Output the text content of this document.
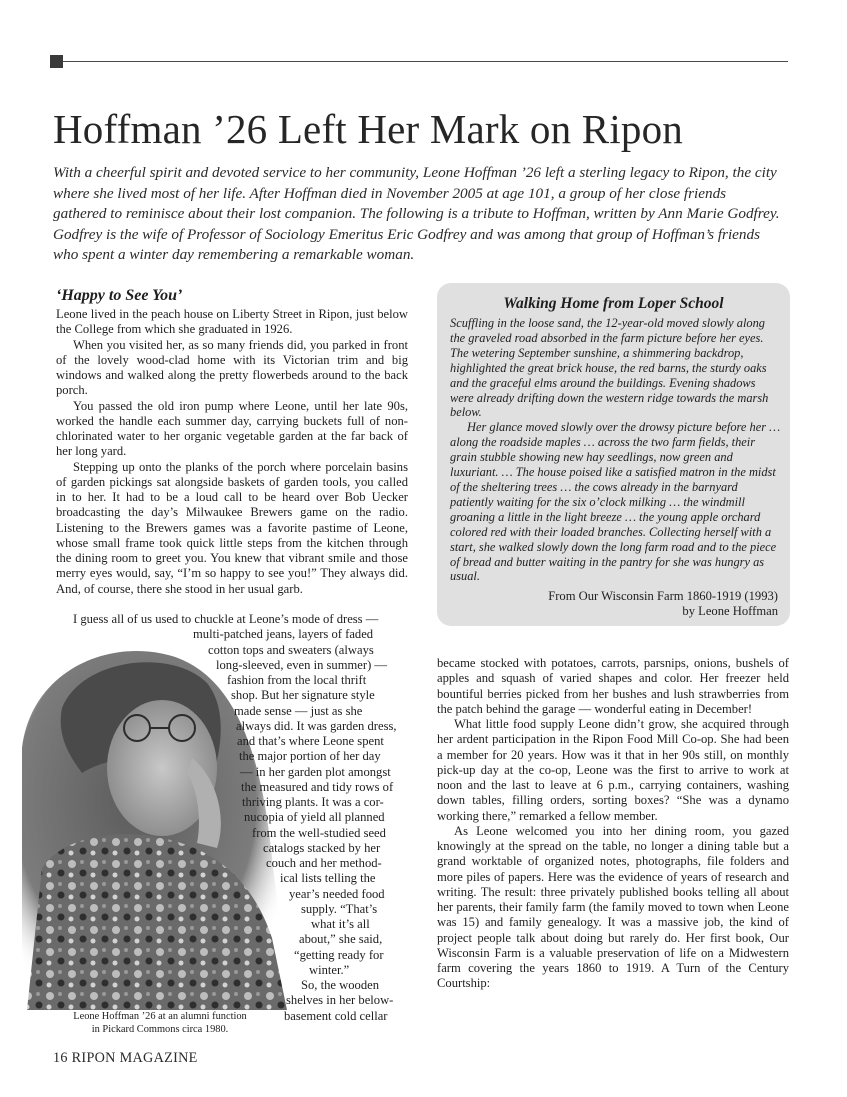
Hoffman ’26 Left Her Mark on Ripon

With a cheerful spirit and devoted service to her community, Leone Hoffman ’26 left a sterling legacy to Ripon, the city where she lived most of her life. After Hoffman died in November 2005 at age 101, a group of her close friends gathered to reminisce about their lost companion. The following is a tribute to Hoffman, written by Ann Marie Godfrey. Godfrey is the wife of Professor of Sociology Emeritus Eric Godfrey and was among that group of Hoffman’s friends who spent a winter day remembering a remarkable woman.

‘Happy to See You’

Leone lived in the peach house on Liberty Street in Ripon, just below the College from which she graduated in 1926.

When you visited her, as so many friends did, you parked in front of the lovely wood-clad home with its Victorian trim and big windows and walked along the pretty flowerbeds around to the back porch.

You passed the old iron pump where Leone, until her late 90s, worked the handle each summer day, carrying buckets full of non-chlorinated water to her organic vegetable garden at the far back of her long yard.

Stepping up onto the planks of the porch where porcelain basins of garden pickings sat alongside baskets of garden tools, you called in to her. It had to be a loud call to be heard over Bob Uecker broadcasting the day’s Milwaukee Brewers game on the radio. Listening to the Brewers games was a favorite pastime of Leone, whose small frame took quick little steps from the kitchen through the dining room to greet you. You knew that vibrant smile and those merry eyes would, say, “I’m so happy to see you!” They always did. And, of course, there she stood in her usual garb.

I guess all of us used to chuckle at Leone’s mode of dress —
multi-patched jeans, layers of faded
cotton tops and sweaters (always
long-sleeved, even in summer) —
fashion from the local thrift
shop. But her signature style
made sense — just as she
always did. It was garden dress,
and that’s where Leone spent
the major portion of her day
— in her garden plot amongst
the measured and tidy rows of
thriving plants. It was a cor-
nucopia of yield all planned
from the well-studied seed
catalogs stacked by her
couch and her method-
ical lists telling the
year’s needed food
supply. “That’s
what it’s all
about,” she said,
“getting ready for
winter.”
So, the wooden
shelves in her below-
basement cold cellar
Leone Hoffman ’26 at an alumni function
in Pickard Commons circa 1980.
Walking Home from Loper School

Scuffling in the loose sand, the 12-year-old moved slowly along the graveled road absorbed in the farm picture before her eyes. The wetering September sunshine, a shimmering backdrop, highlighted the great brick house, the red barns, the sturdy oaks and the graceful elms around the buildings. Evening shadows were already drifting down the western ridge towards the marsh below.

Her glance moved slowly over the drowsy picture before her … along the roadside maples … across the two farm fields, their grain stubble showing new hay seedlings, now green and luxuriant. … The house poised like a satisfied matron in the midst of the sheltering trees … the cows already in the barnyard patiently waiting for the six o’clock milking … the windmill groaning a little in the light breeze … the young apple orchard colored red with their loaded branches. Collecting herself with a start, she walked slowly down the long farm road and to the piece of bread and butter waiting in the pantry for she was hungry as usual.

From Our Wisconsin Farm 1860-1919 (1993)

by Leone Hoffman

became stocked with potatoes, carrots, parsnips, onions, bushels of apples and squash of varied shapes and color. Her freezer held bountiful berries picked from her bushes and lush strawberries from the patch behind the garage — wonderful eating in December!

What little food supply Leone didn’t grow, she acquired through her ardent participation in the Ripon Food Mill Co-op. She had been a member for 20 years. How was it that in her 90s still, on monthly pick-up day at the co-op, Leone was the first to arrive to work at noon and the last to leave at 6 p.m., carrying containers, washing down tables, filling orders, sorting boxes? “She was a dynamo working there,” remarked a fellow member.

As Leone welcomed you into her dining room, you gazed knowingly at the spread on the table, no longer a dining table but a grand worktable of organized notes, photographs, file folders and more piles of papers. Here was the evidence of years of research and writing. The result: three privately published books telling all about her parents, their family farm (the family moved to town when Leone was 15) and family genealogy. It was a massive job, the kind of project people talk about doing but rarely do. Her first book, Our Wisconsin Farm is a valuable preservation of life on a Midwestern farm covering the years 1860 to 1919. A Turn of the Century Courtship:

16 RIPON MAGAZINE
